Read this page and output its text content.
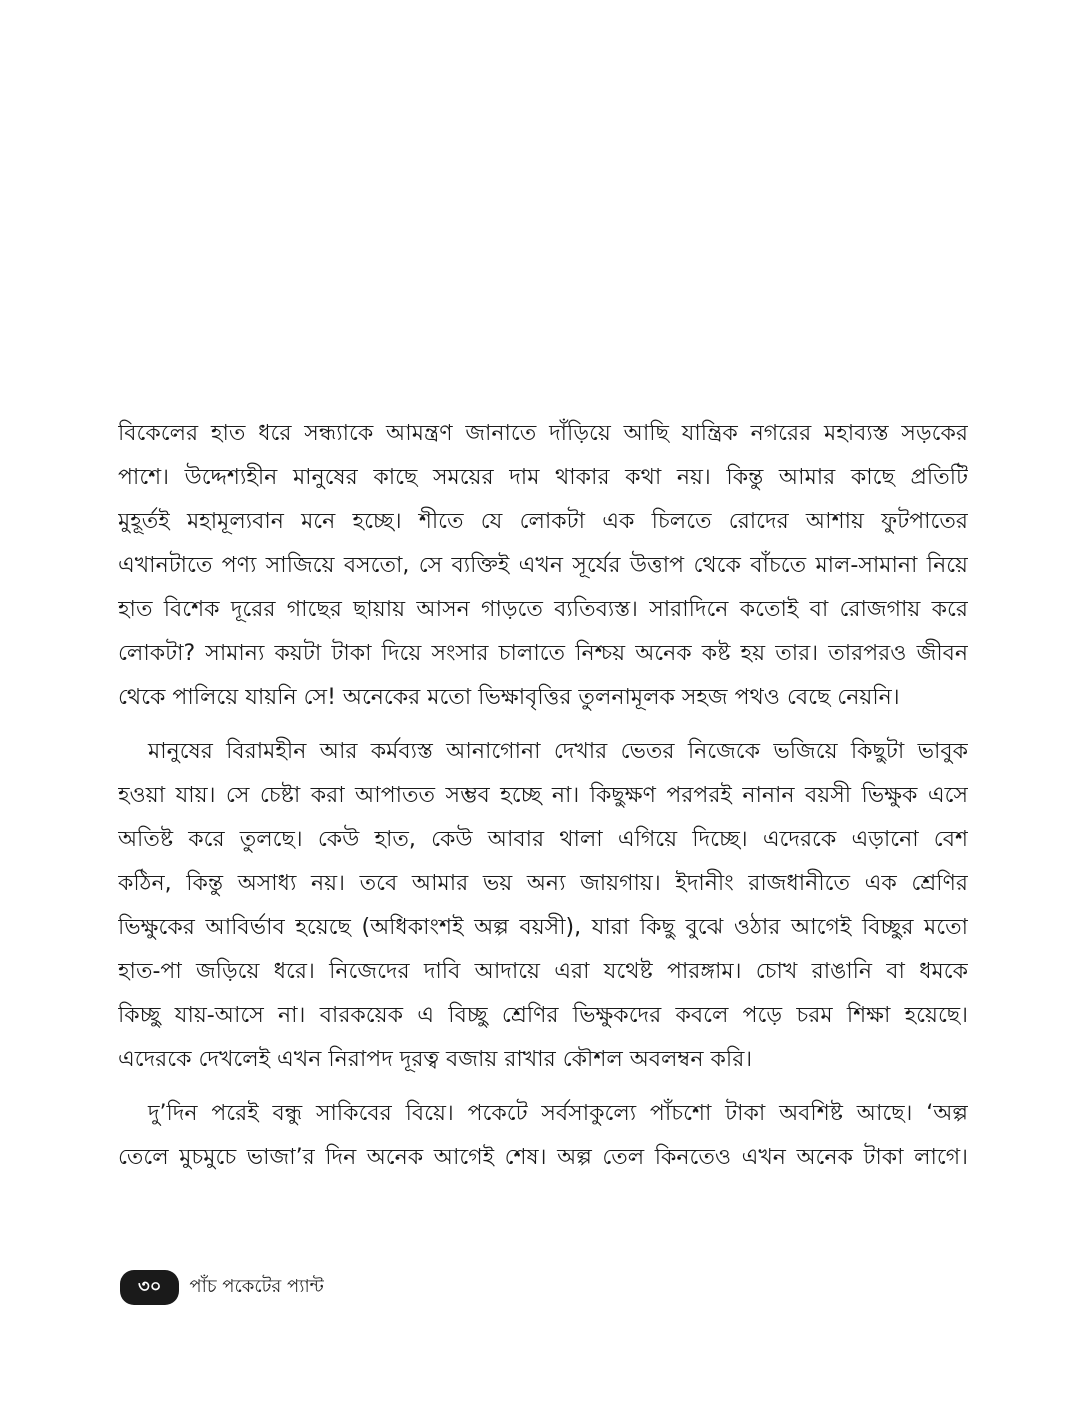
বিকেলের হাত ধরে সন্ধ্যাকে আমন্ত্রণ জানাতে দাঁড়িয়ে আছি যান্ত্রিক নগরের মহাব্যস্ত সড়কের
পাশে। উদ্দেশ্যহীন মানুষের কাছে সময়ের দাম থাকার কথা নয়। কিন্তু আমার কাছে প্রতিটি
মুহূর্তই মহামূল্যবান মনে হচ্ছে। শীতে যে লোকটা এক চিলতে রোদের আশায় ফুটপাতের
এখানটাতে পণ্য সাজিয়ে বসতো, সে ব্যক্তিই এখন সূর্যের উত্তাপ থেকে বাঁচতে মাল-সামানা নিয়ে
হাত বিশেক দূরের গাছের ছায়ায় আসন গাড়তে ব্যতিব্যস্ত। সারাদিনে কতোই বা রোজগায় করে
লোকটা? সামান্য কয়টা টাকা দিয়ে সংসার চালাতে নিশ্চয় অনেক কষ্ট হয় তার। তারপরও জীবন
থেকে পালিয়ে যায়নি সে! অনেকের মতো ভিক্ষাবৃত্তির তুলনামূলক সহজ পথও বেছে নেয়নি।
মানুষের বিরামহীন আর কর্মব্যস্ত আনাগোনা দেখার ভেতর নিজেকে ভজিয়ে কিছুটা ভাবুক
হওয়া যায়। সে চেষ্টা করা আপাতত সম্ভব হচ্ছে না। কিছুক্ষণ পরপরই নানান বয়সী ভিক্ষুক এসে
অতিষ্ট করে তুলছে। কেউ হাত, কেউ আবার থালা এগিয়ে দিচ্ছে। এদেরকে এড়ানো বেশ
কঠিন, কিন্তু অসাধ্য নয়। তবে আমার ভয় অন্য জায়গায়। ইদানীং রাজধানীতে এক শ্রেণির
ভিক্ষুকের আবির্ভাব হয়েছে (অধিকাংশই অল্প বয়সী), যারা কিছু বুঝে ওঠার আগেই বিচ্ছুর মতো
হাত-পা জড়িয়ে ধরে। নিজেদের দাবি আদায়ে এরা যথেষ্ট পারঙ্গাম। চোখ রাঙানি বা ধমকে
কিচ্ছু যায়-আসে না। বারকয়েক এ বিচ্ছু শ্রেণির ভিক্ষুকদের কবলে পড়ে চরম শিক্ষা হয়েছে।
এদেরকে দেখলেই এখন নিরাপদ দূরত্ব বজায় রাখার কৌশল অবলম্বন করি।
দু’দিন পরেই বন্ধু সাকিবের বিয়ে। পকেটে সর্বসাকুল্যে পাঁচশো টাকা অবশিষ্ট আছে। ‘অল্প
তেলে মুচমুচে ভাজা’র দিন অনেক আগেই শেষ। অল্প তেল কিনতেও এখন অনেক টাকা লাগে।
৩০	পাঁচ পকেটের প্যান্ট
